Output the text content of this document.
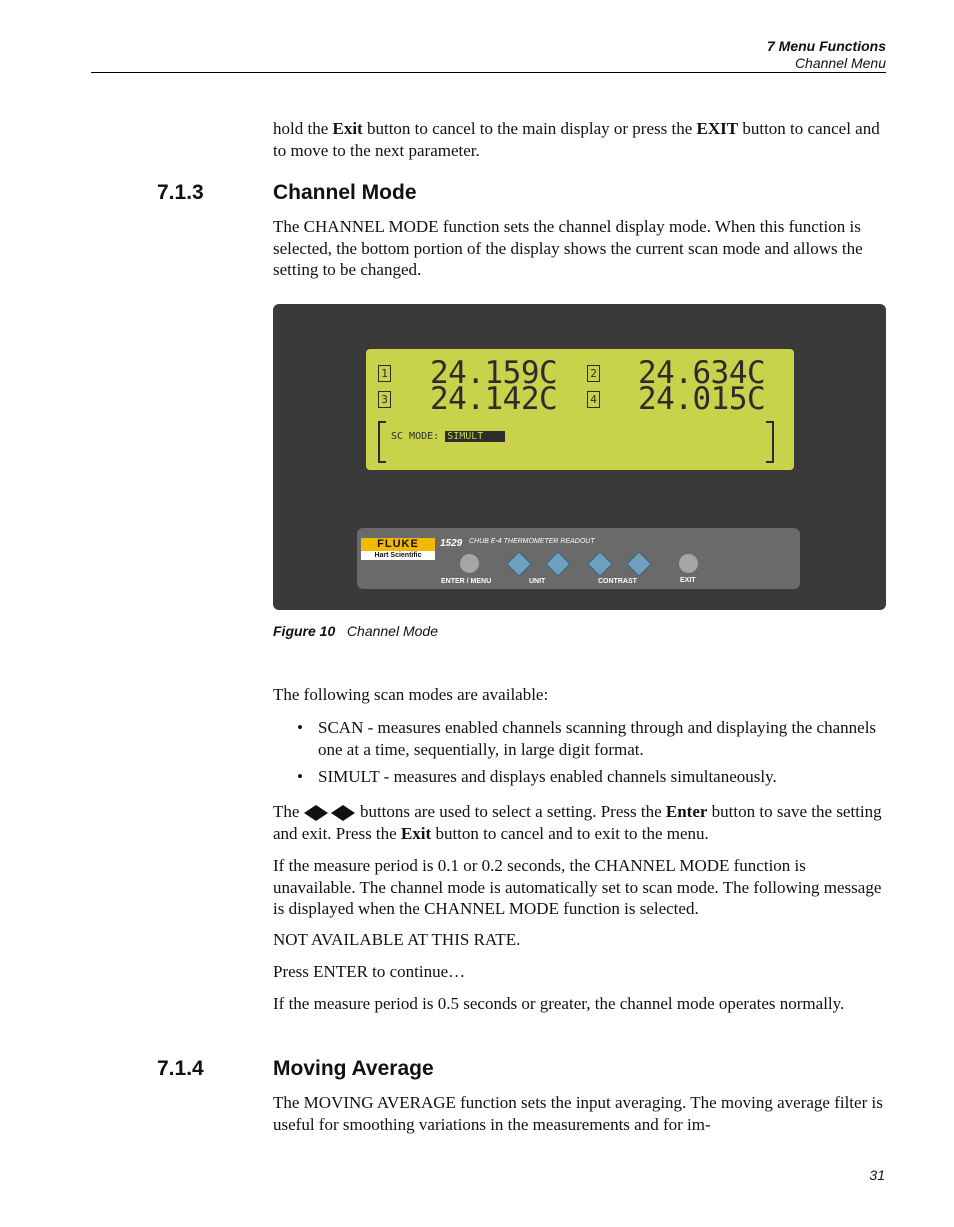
7 Menu Functions
Channel Menu

hold the Exit button to cancel to the main display or press the EXIT button to cancel and to move to the next parameter.

7.1.3	Channel Mode

The CHANNEL MODE function sets the channel display mode. When this function is selected, the bottom portion of the display shows the current scan mode and allows the setting to be changed.

1 24.159C	2 24.634C
3 24.142C	4 24.015C
SC MODE: SIMULT
FLUKE
Hart Scientific
1529 CHUB E-4 THERMOMETER READOUT
ENTER / MENU	UNIT	CONTRAST	EXIT
Figure 10 Channel Mode

The following scan modes are available:

• SCAN - measures enabled channels scanning through and displaying the channels one at a time, sequentially, in large digit format.
• SIMULT - measures and displays enabled channels simultaneously.

The	buttons are used to select a setting. Press the Enter button to save the setting and exit. Press the Exit button to cancel and to exit to the menu.

If the measure period is 0.1 or 0.2 seconds, the CHANNEL MODE function is unavailable. The channel mode is automatically set to scan mode. The following message is displayed when the CHANNEL MODE function is selected.

NOT AVAILABLE AT THIS RATE.

Press ENTER to continue…

If the measure period is 0.5 seconds or greater, the channel mode operates normally.

7.1.4	Moving Average

The MOVING AVERAGE function sets the input averaging. The moving average filter is useful for smoothing variations in the measurements and for im-

31
